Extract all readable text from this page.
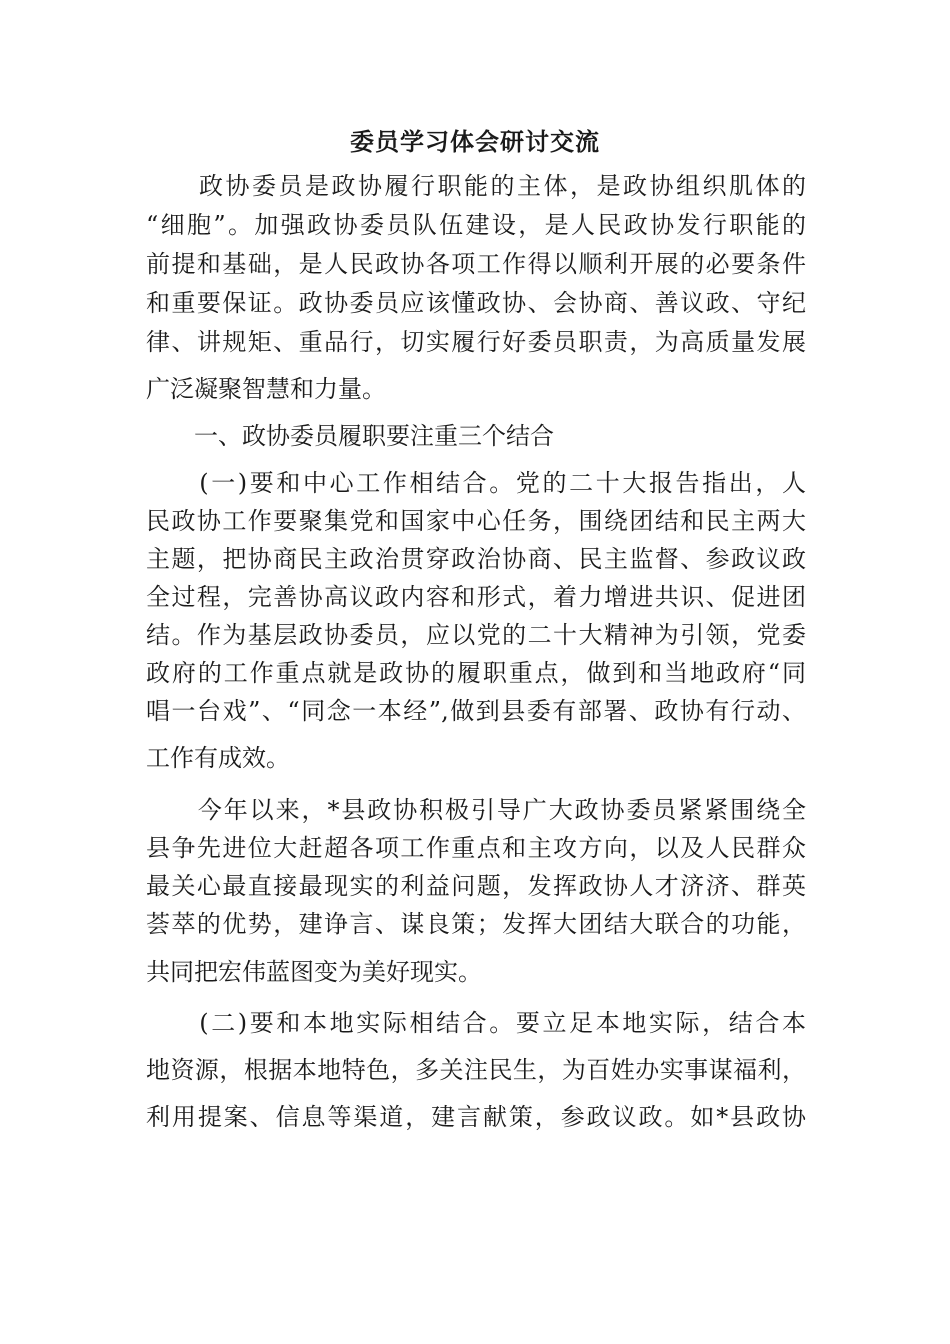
委员学习体会研讨交流

　　政协委员是政协履行职能的主体，是政协组织肌体的

“细胞”。加强政协委员队伍建设，是人民政协发行职能的

前提和基础，是人民政协各项工作得以顺利开展的必要条件

和重要保证。政协委员应该懂政协、会协商、善议政、守纪

律、讲规矩、重品行，切实履行好委员职责，为高质量发展

广泛凝聚智慧和力量。

　　一、政协委员履职要注重三个结合

　　(一)要和中心工作相结合。党的二十大报告指出，人

民政协工作要聚集党和国家中心任务，围绕团结和民主两大

主题，把协商民主政治贯穿政治协商、民主监督、参政议政

全过程，完善协高议政内容和形式，着力增进共识、促进团

结。作为基层政协委员，应以党的二十大精神为引领，党委

政府的工作重点就是政协的履职重点，做到和当地政府“同

唱一台戏”、“同念一本经”,做到县委有部署、政协有行动、

工作有成效。

　　今年以来，*县政协积极引导广大政协委员紧紧围绕全

县争先进位大赶超各项工作重点和主攻方向，以及人民群众

最关心最直接最现实的利益问题，发挥政协人才济济、群英

荟萃的优势，建诤言、谋良策；发挥大团结大联合的功能，

共同把宏伟蓝图变为美好现实。

　　(二)要和本地实际相结合。要立足本地实际，结合本

地资源，根据本地特色，多关注民生，为百姓办实事谋福利，

利用提案、信息等渠道，建言献策，参政议政。如*县政协
